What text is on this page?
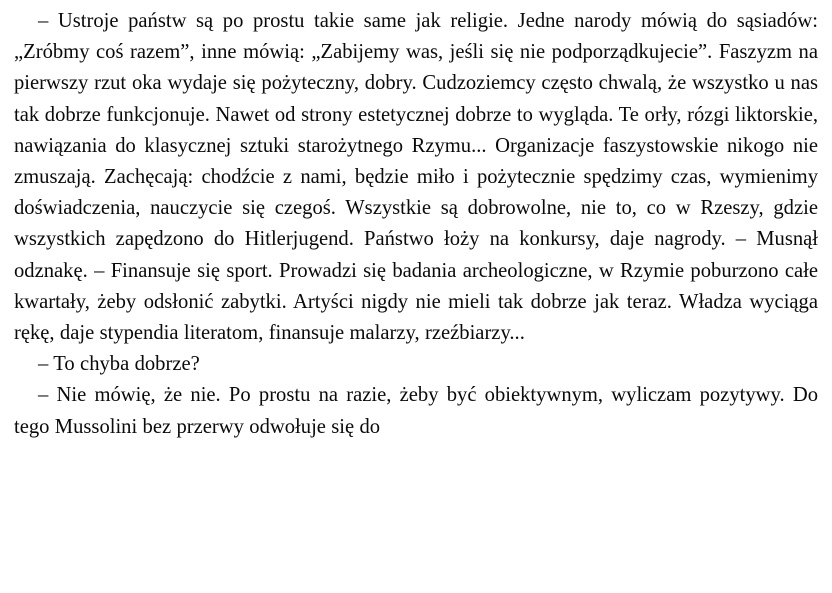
– Ustroje państw są po prostu takie same jak religie. Jedne narody mówią do sąsiadów: „Zróbmy coś razem”, inne mówią: „Zabijemy was, jeśli się nie podporządkujecie”. Faszyzm na pierwszy rzut oka wydaje się pożyteczny, dobry. Cudzoziemcy często chwalą, że wszystko u nas tak dobrze funkcjonuje. Nawet od strony estetycznej dobrze to wygląda. Te orły, rózgi liktorskie, nawiązania do klasycznej sztuki starożytnego Rzymu... Organizacje faszystowskie nikogo nie zmuszają. Zachęcają: chodźcie z nami, będzie miło i pożytecznie spędzimy czas, wymienimy doświadczenia, nauczycie się czegoś. Wszystkie są dobrowolne, nie to, co w Rzeszy, gdzie wszystkich zapędzono do Hitlerjugend. Państwo łoży na konkursy, daje nagrody. – Musnął odznakę. – Finansuje się sport. Prowadzi się badania archeologiczne, w Rzymie poburzono całe kwartały, żeby odsłonić zabytki. Artyści nigdy nie mieli tak dobrze jak teraz. Władza wyciąga rękę, daje stypendia literatom, finansuje malarzy, rzeźbiarzy...

– To chyba dobrze?

– Nie mówię, że nie. Po prostu na razie, żeby być obiektywnym, wyliczam pozytywy. Do tego Mussolini bez przerwy odwołuje się do
